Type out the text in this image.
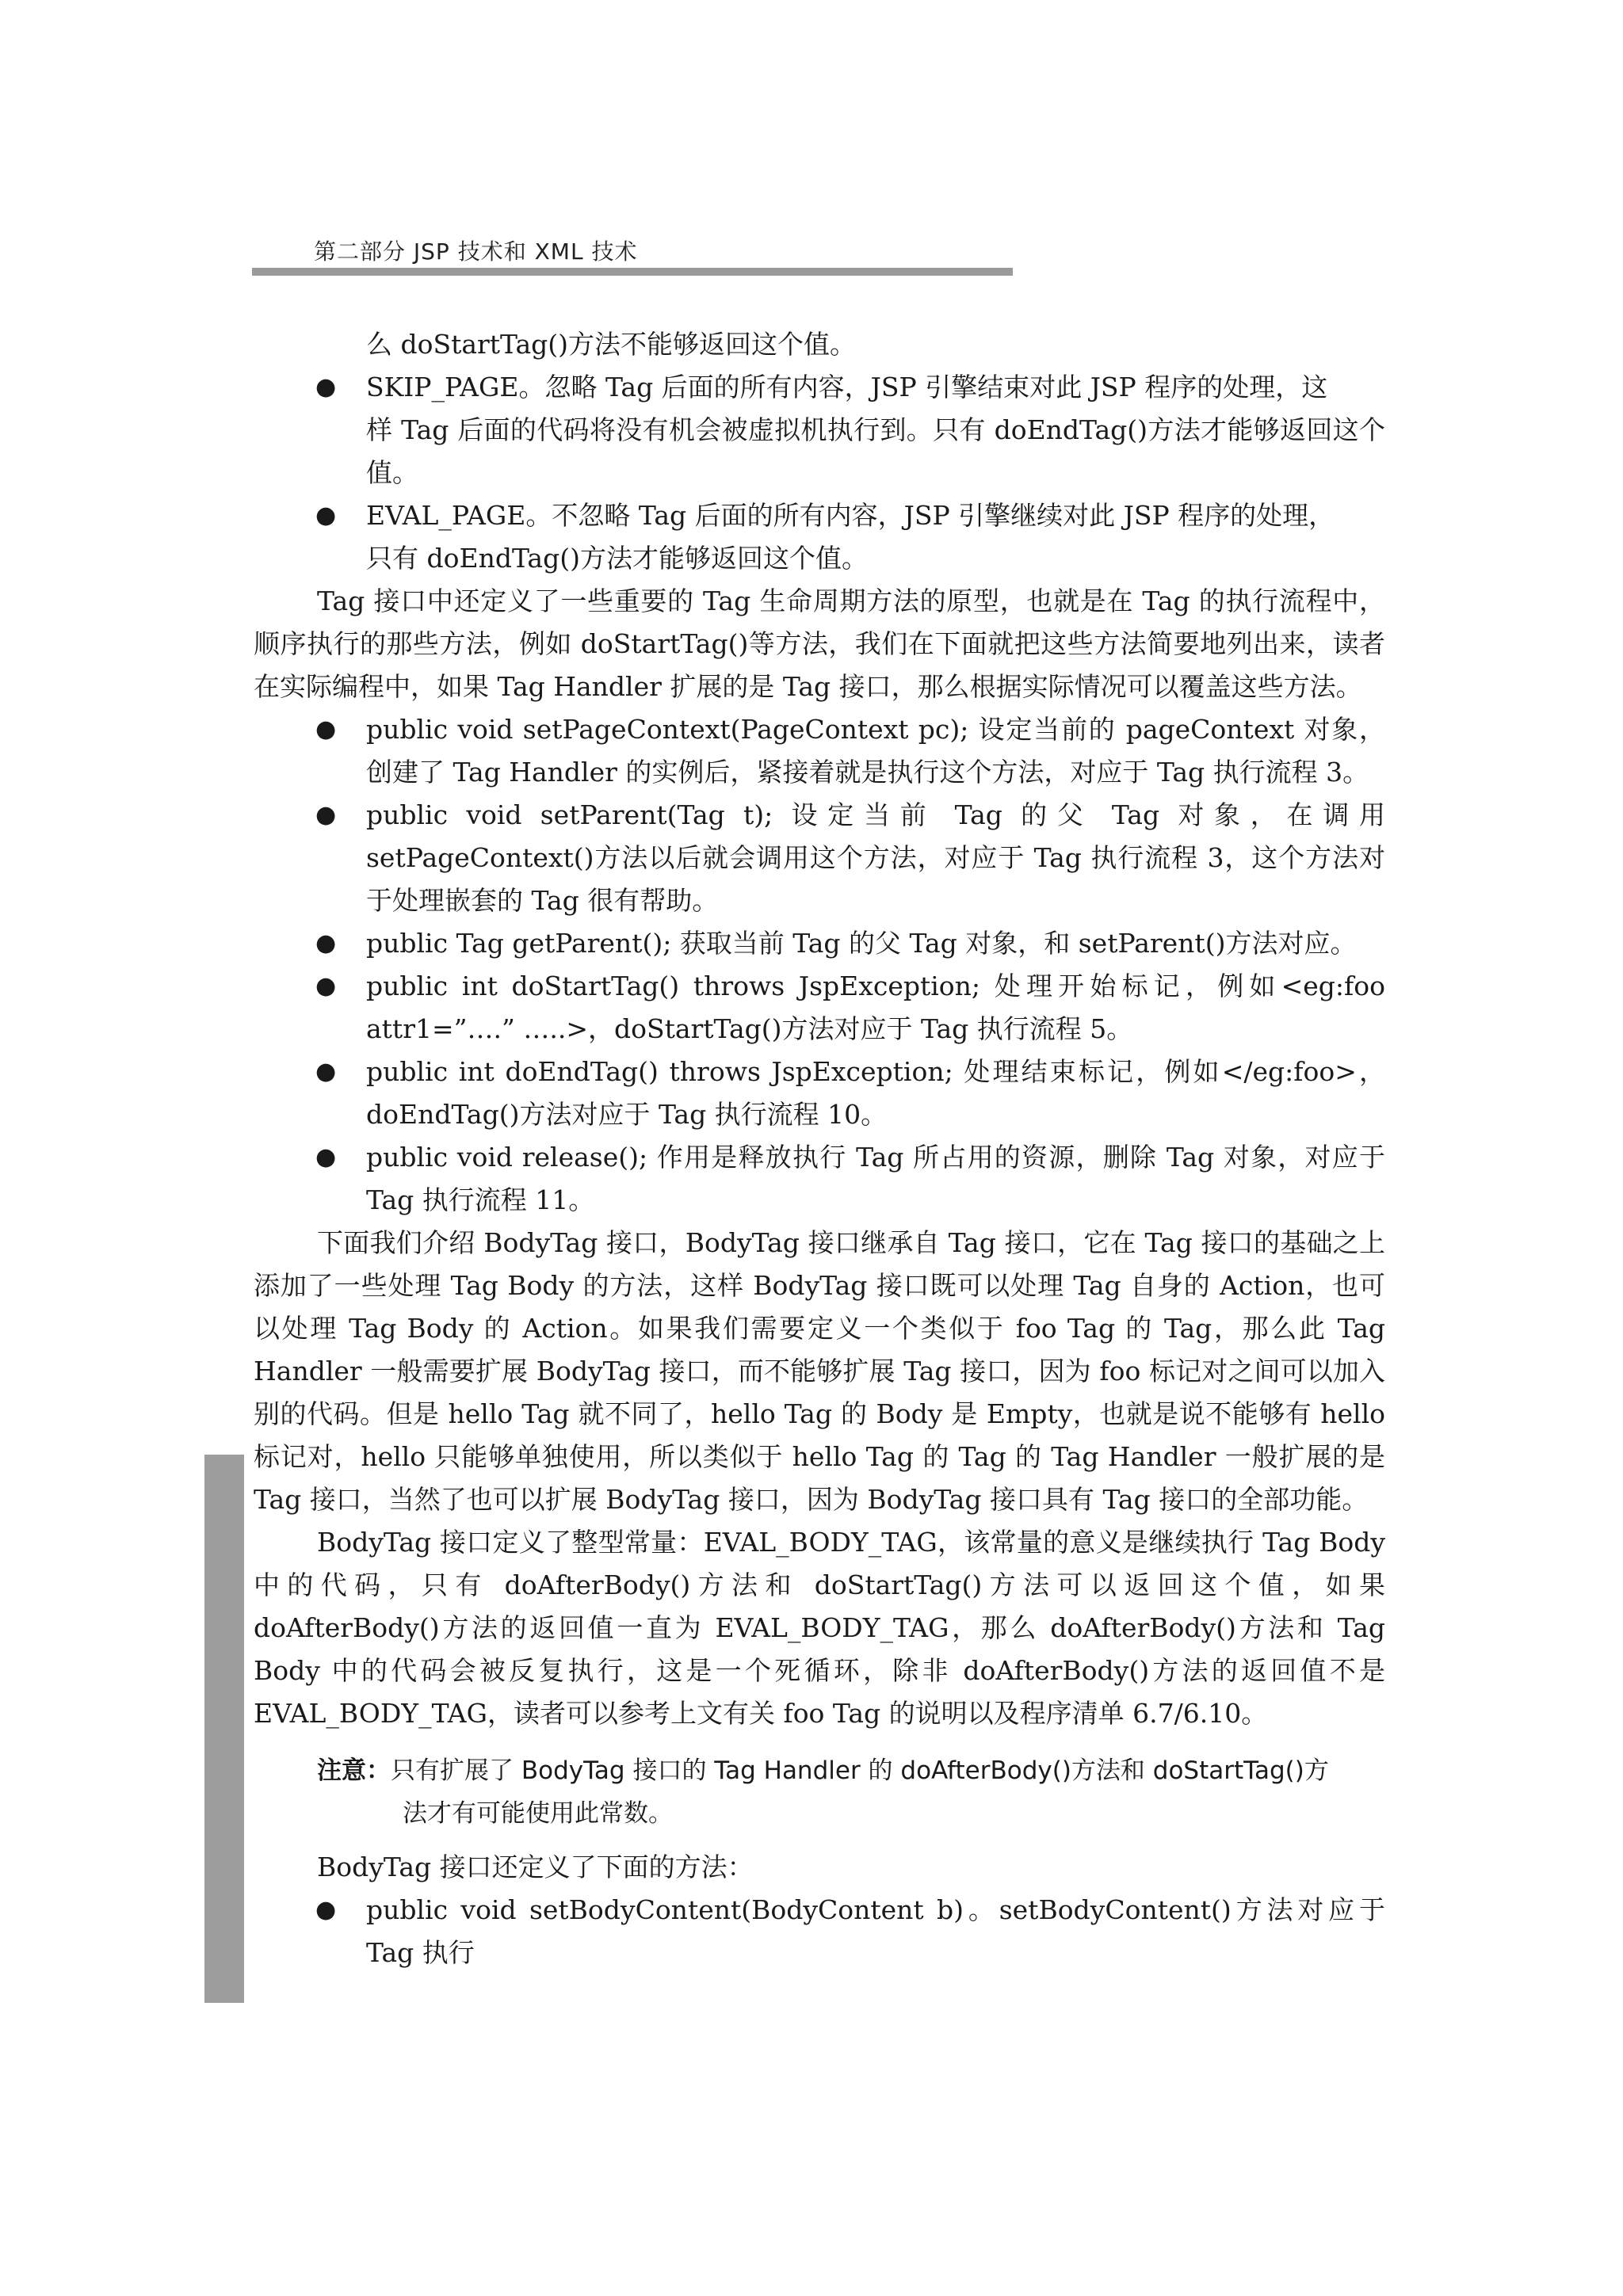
第二部分 JSP 技术和 XML 技术

么 doStartTag()方法不能够返回这个值。

● SKIP_PAGE。忽略 Tag 后面的所有内容，JSP 引擎结束对此 JSP 程序的处理，这
样 Tag 后面的代码将没有机会被虚拟机执行到。只有 doEndTag()方法才能够返回这个值。
● EVAL_PAGE。不忽略 Tag 后面的所有内容，JSP 引擎继续对此 JSP 程序的处理，
只有 doEndTag()方法才能够返回这个值。

Tag 接口中还定义了一些重要的 Tag 生命周期方法的原型，也就是在 Tag 的执行流程中，顺序执行的那些方法，例如 doStartTag()等方法，我们在下面就把这些方法简要地列出来，读者在实际编程中，如果 Tag Handler 扩展的是 Tag 接口，那么根据实际情况可以覆盖这些方法。

● public void setPageContext(PageContext pc); 设定当前的 pageContext 对象，创建了 Tag Handler 的实例后，紧接着就是执行这个方法，对应于 Tag 执行流程 3。
● public void setParent(Tag t); 设定当前 Tag 的父 Tag 对象，在调用 setPageContext()方法以后就会调用这个方法，对应于 Tag 执行流程 3，这个方法对于处理嵌套的 Tag 很有帮助。
● public Tag getParent(); 获取当前 Tag 的父 Tag 对象，和 setParent()方法对应。
● public int doStartTag() throws JspException; 处理开始标记，例如<eg:foo attr1=”….” …..>，doStartTag()方法对应于 Tag 执行流程 5。
● public int doEndTag() throws JspException; 处理结束标记，例如</eg:foo>，doEndTag()方法对应于 Tag 执行流程 10。
● public void release(); 作用是释放执行 Tag 所占用的资源，删除 Tag 对象，对应于 Tag 执行流程 11。

下面我们介绍 BodyTag 接口，BodyTag 接口继承自 Tag 接口，它在 Tag 接口的基础之上添加了一些处理 Tag Body 的方法，这样 BodyTag 接口既可以处理 Tag 自身的 Action，也可以处理 Tag Body 的 Action。如果我们需要定义一个类似于 foo Tag 的 Tag，那么此 Tag Handler 一般需要扩展 BodyTag 接口，而不能够扩展 Tag 接口，因为 foo 标记对之间可以加入别的代码。但是 hello Tag 就不同了，hello Tag 的 Body 是 Empty，也就是说不能够有 hello 标记对，hello 只能够单独使用，所以类似于 hello Tag 的 Tag 的 Tag Handler 一般扩展的是 Tag 接口，当然了也可以扩展 BodyTag 接口，因为 BodyTag 接口具有 Tag 接口的全部功能。

BodyTag 接口定义了整型常量：EVAL_BODY_TAG，该常量的意义是继续执行 Tag Body 中的代码，只有 doAfterBody()方法和 doStartTag()方法可以返回这个值，如果 doAfterBody()方法的返回值一直为 EVAL_BODY_TAG，那么 doAfterBody()方法和 Tag Body 中的代码会被反复执行，这是一个死循环，除非 doAfterBody()方法的返回值不是 EVAL_BODY_TAG，读者可以参考上文有关 foo Tag 的说明以及程序清单 6.7/6.10。

注意：只有扩展了 BodyTag 接口的 Tag Handler 的 doAfterBody()方法和 doStartTag()方
法才有可能使用此常数。

BodyTag 接口还定义了下面的方法：

● public void setBodyContent(BodyContent b)。setBodyContent()方法对应于 Tag 执行
